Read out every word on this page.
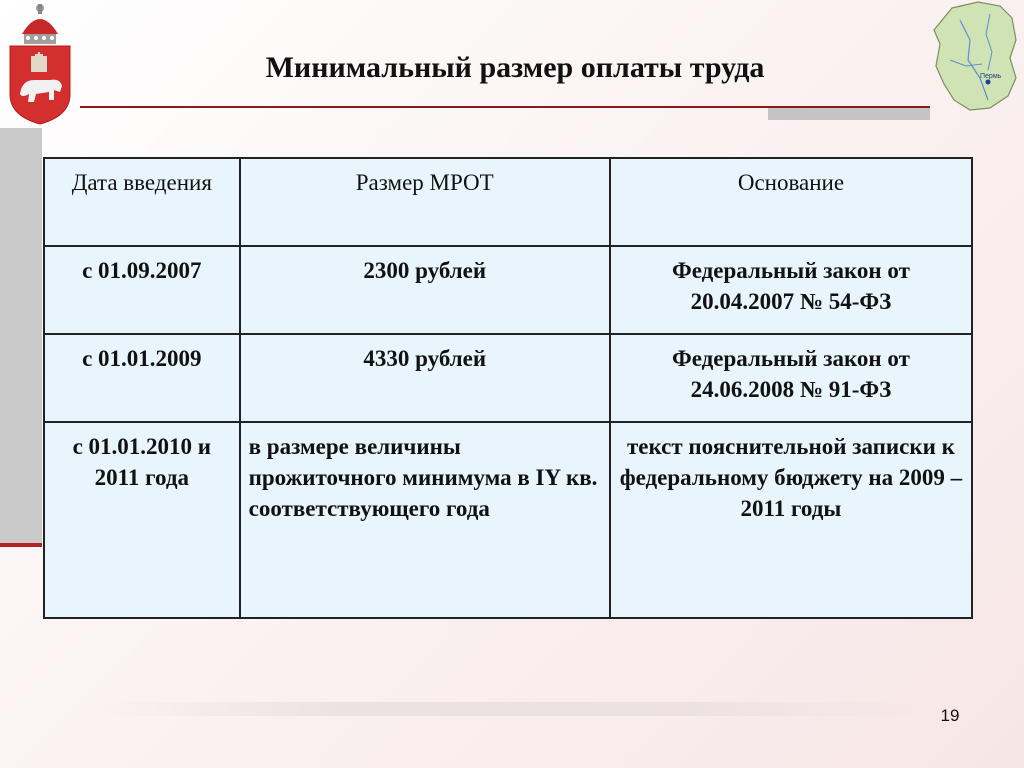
Минимальный размер оплаты труда	Пермь
Дата введения	Размер МРОТ	Основание
с 01.09.2007	2300 рублей	Федеральный закон от 20.04.2007 № 54-ФЗ
с 01.01.2009	4330 рублей	Федеральный закон от 24.06.2008 № 91-ФЗ
с 01.01.2010 и 2011 года	в размере величины прожиточного минимума в IY кв. соответствующего года	текст пояснительной записки к федеральному бюджету на 2009 – 2011 годы
19
